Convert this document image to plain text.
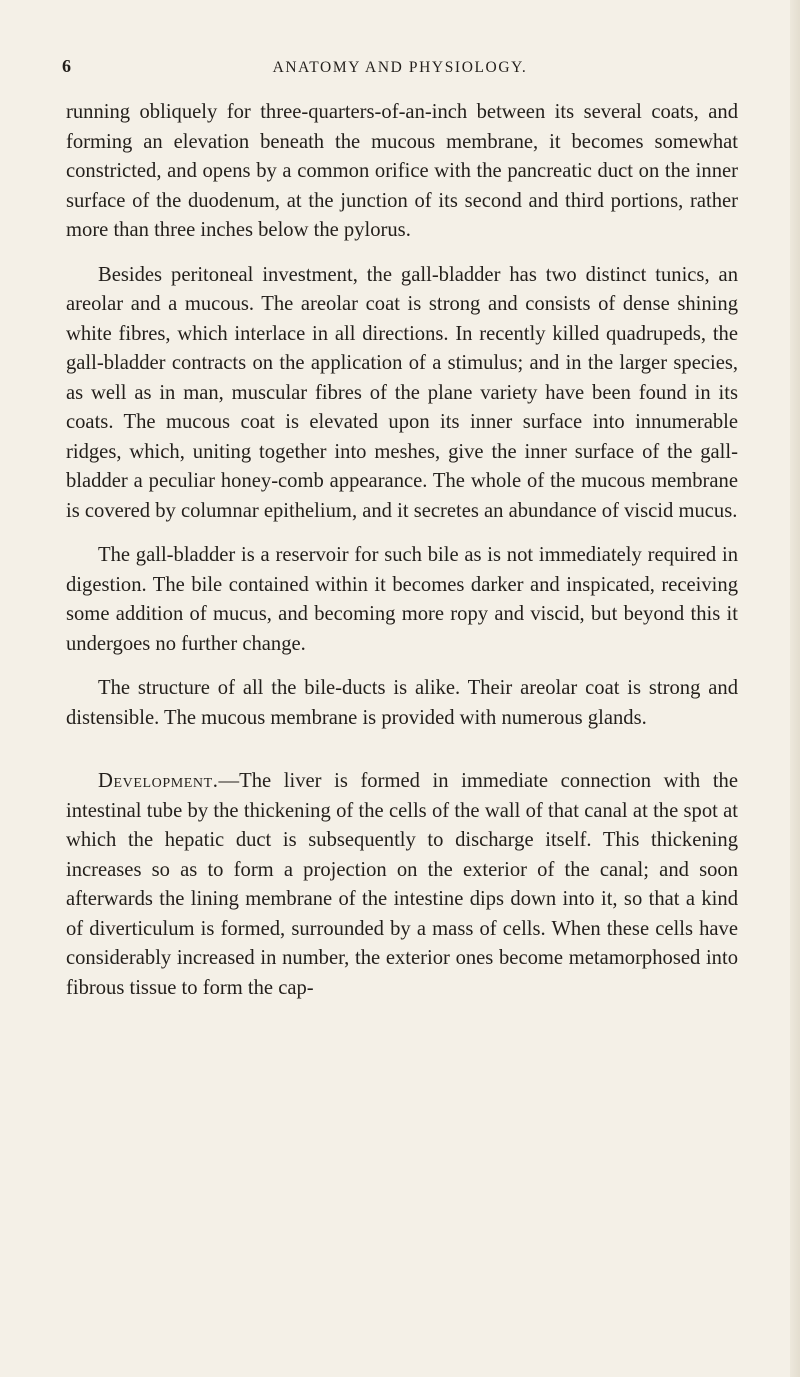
6	ANATOMY AND PHYSIOLOGY.

running obliquely for three-quarters-of-an-inch between its several coats, and forming an elevation beneath the mucous membrane, it becomes somewhat constricted, and opens by a common orifice with the pancreatic duct on the inner surface of the duodenum, at the junction of its second and third portions, rather more than three inches below the pylorus.

Besides peritoneal investment, the gall-bladder has two distinct tunics, an areolar and a mucous. The areolar coat is strong and consists of dense shining white fibres, which interlace in all directions. In recently killed quadrupeds, the gall-bladder contracts on the application of a stimulus; and in the larger species, as well as in man, muscular fibres of the plane variety have been found in its coats. The mucous coat is elevated upon its inner surface into innumerable ridges, which, uniting together into meshes, give the inner surface of the gall-bladder a peculiar honey-comb appearance. The whole of the mucous membrane is covered by columnar epithelium, and it secretes an abundance of viscid mucus.

The gall-bladder is a reservoir for such bile as is not immediately required in digestion. The bile contained within it becomes darker and inspicated, receiving some addition of mucus, and becoming more ropy and viscid, but beyond this it undergoes no further change.

The structure of all the bile-ducts is alike. Their areolar coat is strong and distensible. The mucous membrane is provided with numerous glands.

Development.—The liver is formed in immediate connection with the intestinal tube by the thickening of the cells of the wall of that canal at the spot at which the hepatic duct is subsequently to discharge itself. This thickening increases so as to form a projection on the exterior of the canal; and soon afterwards the lining membrane of the intestine dips down into it, so that a kind of diverticulum is formed, surrounded by a mass of cells. When these cells have considerably increased in number, the exterior ones become metamorphosed into fibrous tissue to form the cap-
